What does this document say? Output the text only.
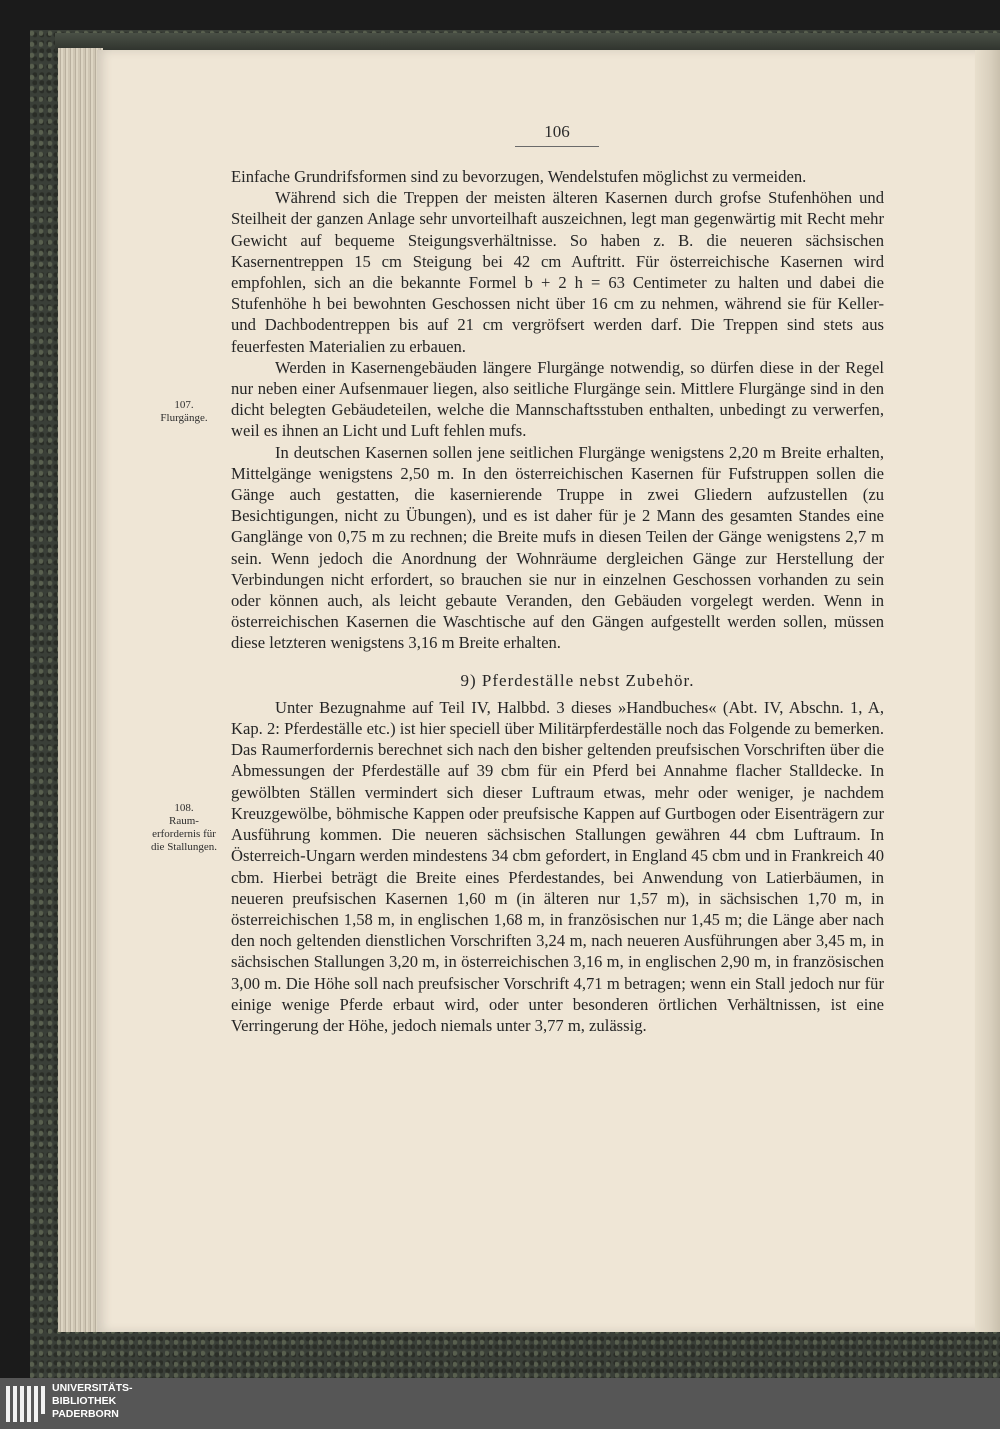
106
107.
Flurgänge.
108.
Raum-erfordernis für die Stallungen.

Einfache Grundrifsformen sind zu bevorzugen, Wendelstufen möglichst zu vermeiden.

Während sich die Treppen der meisten älteren Kasernen durch grofse Stufenhöhen und Steilheit der ganzen Anlage sehr unvorteilhaft auszeichnen, legt man gegenwärtig mit Recht mehr Gewicht auf bequeme Steigungsverhältnisse. So haben z. B. die neueren sächsischen Kasernentreppen 15 cm Steigung bei 42 cm Auftritt. Für österreichische Kasernen wird empfohlen, sich an die bekannte Formel b + 2 h = 63 Centimeter zu halten und dabei die Stufenhöhe h bei bewohnten Geschossen nicht über 16 cm zu nehmen, während sie für Keller- und Dachbodentreppen bis auf 21 cm vergröfsert werden darf. Die Treppen sind stets aus feuerfesten Materialien zu erbauen.

Werden in Kasernengebäuden längere Flurgänge notwendig, so dürfen diese in der Regel nur neben einer Aufsenmauer liegen, also seitliche Flurgänge sein. Mittlere Flurgänge sind in den dicht belegten Gebäudeteilen, welche die Mannschaftsstuben enthalten, unbedingt zu verwerfen, weil es ihnen an Licht und Luft fehlen mufs.

In deutschen Kasernen sollen jene seitlichen Flurgänge wenigstens 2,20 m Breite erhalten, Mittelgänge wenigstens 2,50 m. In den österreichischen Kasernen für Fufstruppen sollen die Gänge auch gestatten, die kasernierende Truppe in zwei Gliedern aufzustellen (zu Besichtigungen, nicht zu Übungen), und es ist daher für je 2 Mann des gesamten Standes eine Ganglänge von 0,75 m zu rechnen; die Breite mufs in diesen Teilen der Gänge wenigstens 2,7 m sein. Wenn jedoch die Anordnung der Wohnräume dergleichen Gänge zur Herstellung der Verbindungen nicht erfordert, so brauchen sie nur in einzelnen Geschossen vorhanden zu sein oder können auch, als leicht gebaute Veranden, den Gebäuden vorgelegt werden. Wenn in österreichischen Kasernen die Waschtische auf den Gängen aufgestellt werden sollen, müssen diese letzteren wenigstens 3,16 m Breite erhalten.

9) Pferdeställe nebst Zubehör.

Unter Bezugnahme auf Teil IV, Halbbd. 3 dieses »Handbuches« (Abt. IV, Abschn. 1, A, Kap. 2: Pferdeställe etc.) ist hier speciell über Militärpferdeställe noch das Folgende zu bemerken. Das Raumerfordernis berechnet sich nach den bisher geltenden preufsischen Vorschriften über die Abmessungen der Pferdeställe auf 39 cbm für ein Pferd bei Annahme flacher Stalldecke. In gewölbten Ställen vermindert sich dieser Luftraum etwas, mehr oder weniger, je nachdem Kreuzgewölbe, böhmische Kappen oder preufsische Kappen auf Gurtbogen oder Eisenträgern zur Ausführung kommen. Die neueren sächsischen Stallungen gewähren 44 cbm Luftraum. In Österreich-Ungarn werden mindestens 34 cbm gefordert, in England 45 cbm und in Frankreich 40 cbm. Hierbei beträgt die Breite eines Pferdestandes, bei Anwendung von Latierbäumen, in neueren preufsischen Kasernen 1,60 m (in älteren nur 1,57 m), in sächsischen 1,70 m, in österreichischen 1,58 m, in englischen 1,68 m, in französischen nur 1,45 m; die Länge aber nach den noch geltenden dienstlichen Vorschriften 3,24 m, nach neueren Ausführungen aber 3,45 m, in sächsischen Stallungen 3,20 m, in österreichischen 3,16 m, in englischen 2,90 m, in französischen 3,00 m. Die Höhe soll nach preufsischer Vorschrift 4,71 m betragen; wenn ein Stall jedoch nur für einige wenige Pferde erbaut wird, oder unter besonderen örtlichen Verhältnissen, ist eine Verringerung der Höhe, jedoch niemals unter 3,77 m, zulässig.

UNIVERSITÄTS-
BIBLIOTHEK
PADERBORN
